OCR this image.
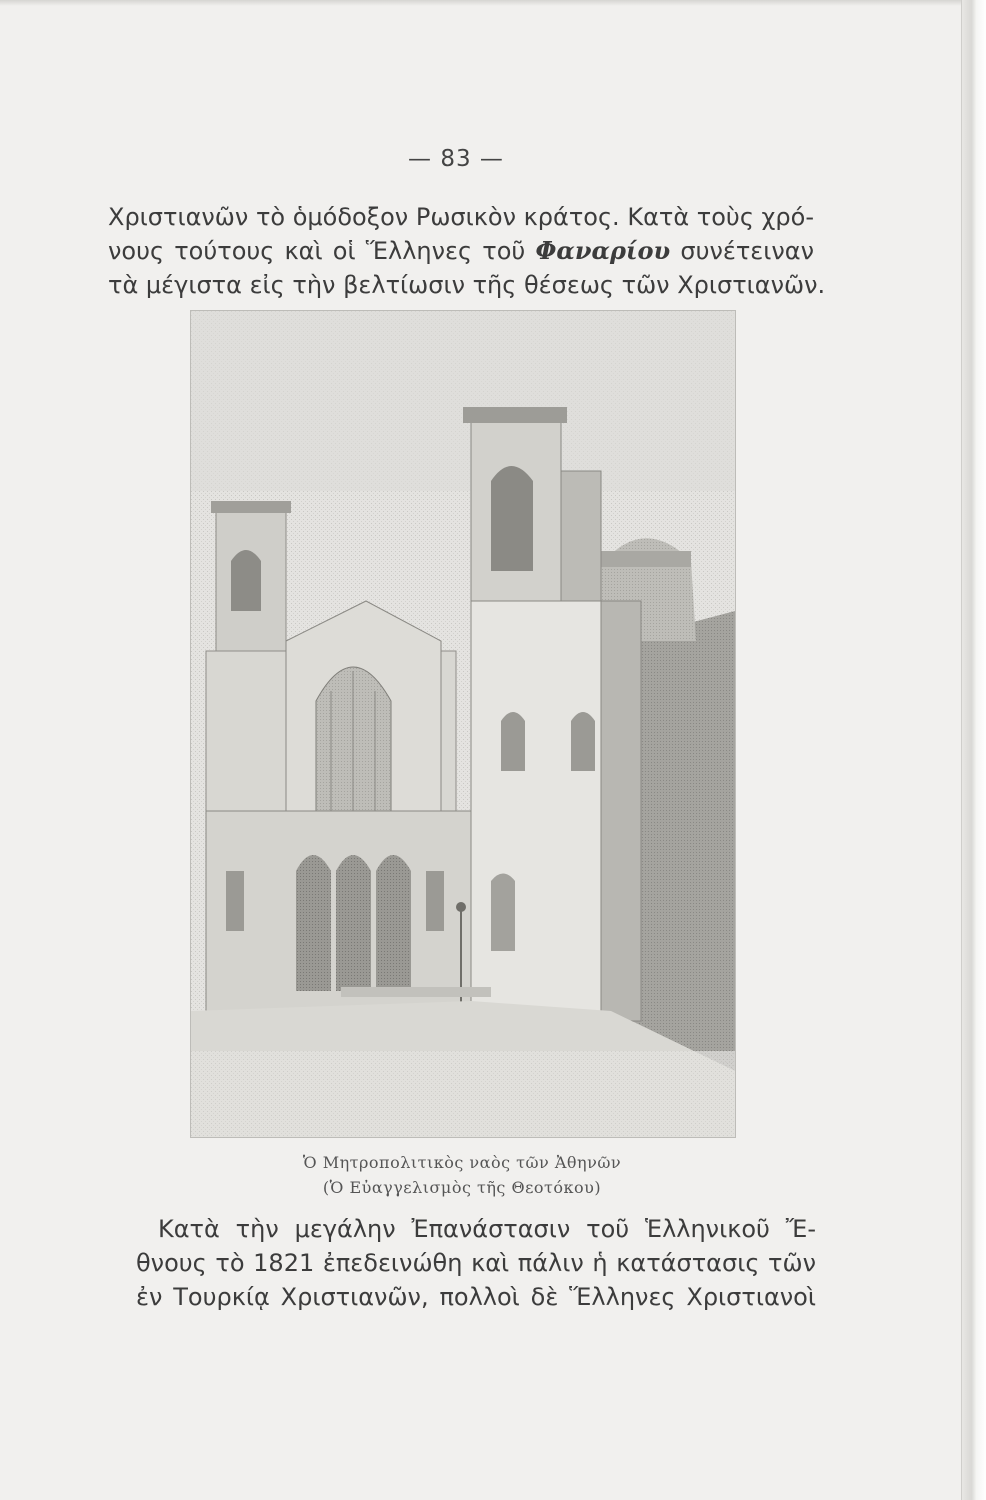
— 83 —
Χριστιανῶν τὸ ὁμόδοξον Ρωσικὸν κράτος. Κατὰ τοὺς χρό-
νους τούτους καὶ οἱ Ἕλληνες τοῦ Φαναρίου συνέτειναν
τὰ μέγιστα εἰς τὴν βελτίωσιν τῆς θέσεως τῶν Χριστιανῶν.
Ὁ Μητροπολιτικὸς ναὸς τῶν Ἀθηνῶν
(Ὁ Εὐαγγελισμὸς τῆς Θεοτόκου)
Κατὰ τὴν μεγάλην Ἐπανάστασιν τοῦ Ἑλληνικοῦ Ἔ-
θνους τὸ 1821 ἐπεδεινώθη καὶ πάλιν ἡ κατάστασις τῶν
ἐν Τουρκίᾳ Χριστιανῶν, πολλοὶ δὲ Ἕλληνες Χριστιανοὶ
